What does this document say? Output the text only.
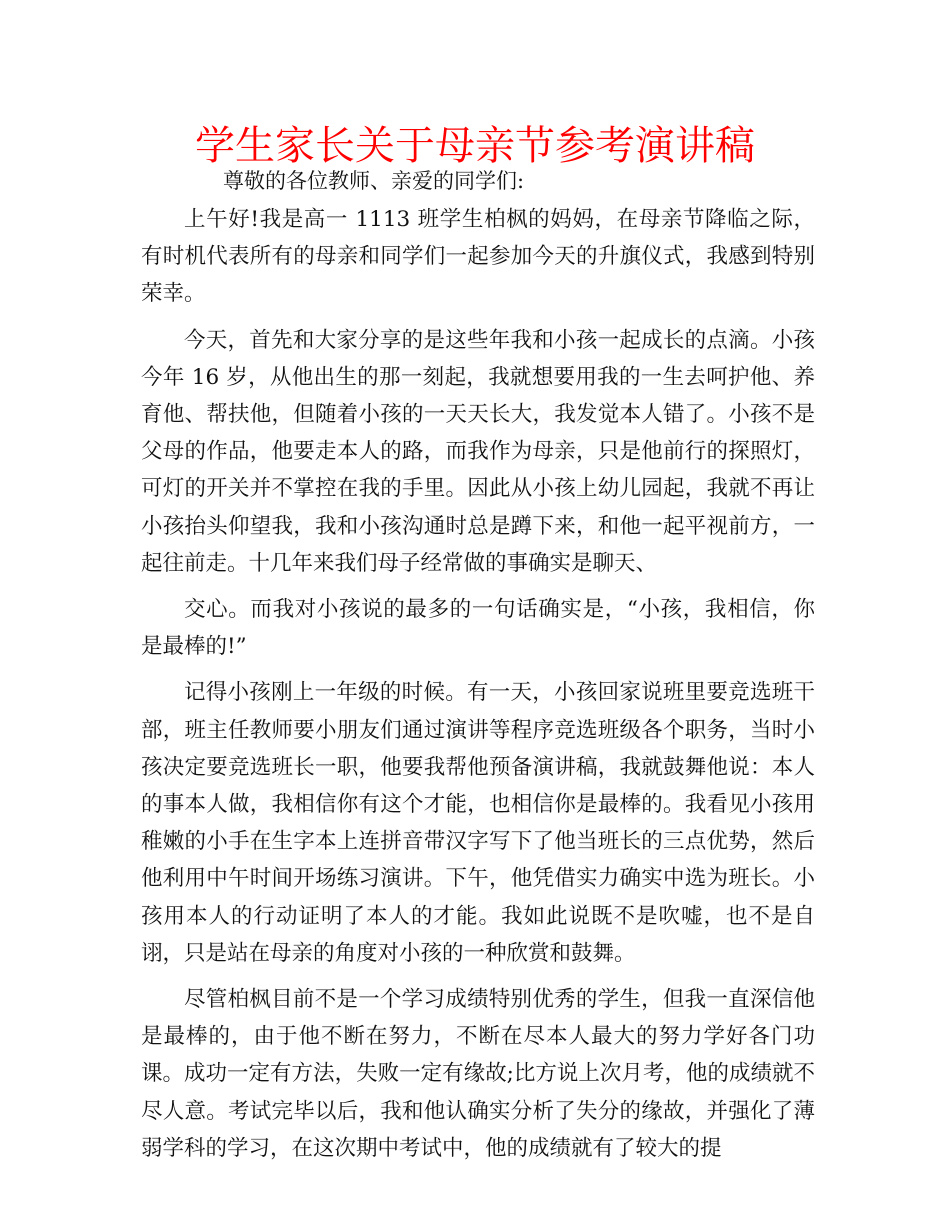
学生家长关于母亲节参考演讲稿

尊敬的各位教师、亲爱的同学们:

上午好!我是高一 1113 班学生柏枫的妈妈，在母亲节降临之际，有时机代表所有的母亲和同学们一起参加今天的升旗仪式，我感到特别荣幸。

今天，首先和大家分享的是这些年我和小孩一起成长的点滴。小孩今年 16 岁，从他出生的那一刻起，我就想要用我的一生去呵护他、养育他、帮扶他，但随着小孩的一天天长大，我发觉本人错了。小孩不是父母的作品，他要走本人的路，而我作为母亲，只是他前行的探照灯，可灯的开关并不掌控在我的手里。因此从小孩上幼儿园起，我就不再让小孩抬头仰望我，我和小孩沟通时总是蹲下来，和他一起平视前方，一起往前走。十几年来我们母子经常做的事确实是聊天、

交心。而我对小孩说的最多的一句话确实是，“小孩，我相信，你是最棒的!”

记得小孩刚上一年级的时候。有一天，小孩回家说班里要竞选班干部，班主任教师要小朋友们通过演讲等程序竞选班级各个职务，当时小孩决定要竞选班长一职，他要我帮他预备演讲稿，我就鼓舞他说：本人的事本人做，我相信你有这个才能，也相信你是最棒的。我看见小孩用稚嫩的小手在生字本上连拼音带汉字写下了他当班长的三点优势，然后他利用中午时间开场练习演讲。下午，他凭借实力确实中选为班长。小孩用本人的行动证明了本人的才能。我如此说既不是吹嘘，也不是自诩，只是站在母亲的角度对小孩的一种欣赏和鼓舞。

尽管柏枫目前不是一个学习成绩特别优秀的学生，但我一直深信他是最棒的，由于他不断在努力，不断在尽本人最大的努力学好各门功课。成功一定有方法，失败一定有缘故;比方说上次月考，他的成绩就不尽人意。考试完毕以后，我和他认确实分析了失分的缘故，并强化了薄弱学科的学习，在这次期中考试中，他的成绩就有了较大的提
